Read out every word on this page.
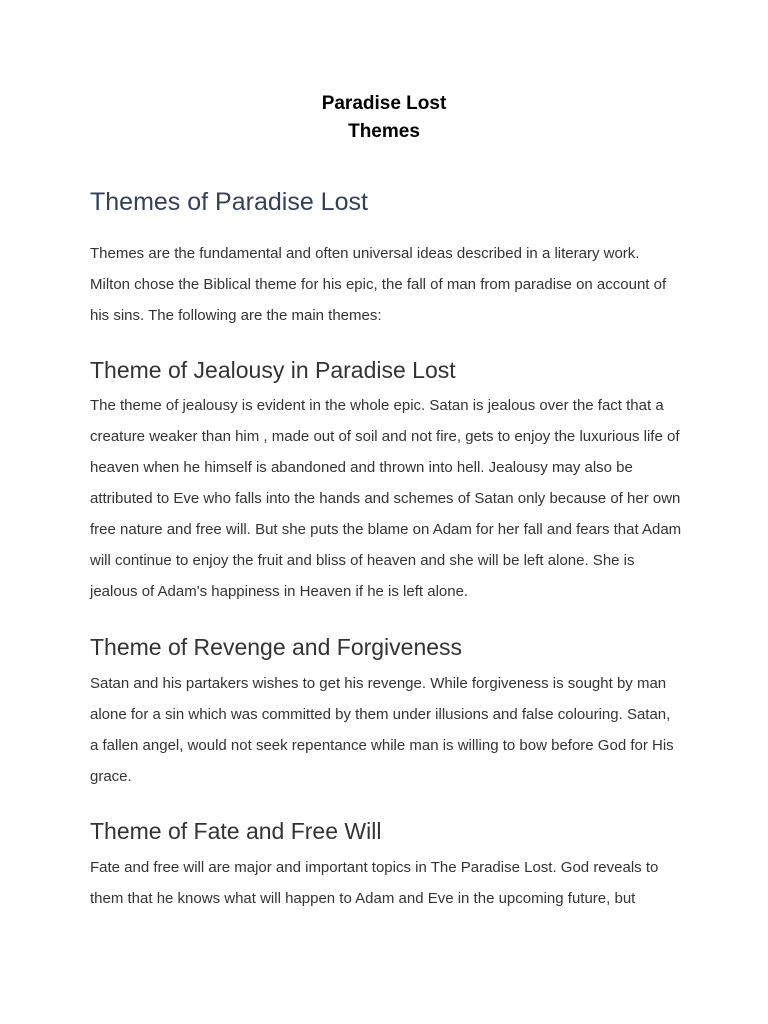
Paradise Lost
Themes
Themes of Paradise Lost

Themes are the fundamental and often universal ideas described in a literary work. Milton chose the Biblical theme for his epic, the fall of man from paradise on account of his sins. The following are the main themes:

Theme of Jealousy in Paradise Lost

The theme of jealousy is evident in the whole epic. Satan is jealous over the fact that a creature weaker than him , made out of soil and not fire, gets to enjoy the luxurious life of heaven when he himself is abandoned and thrown into hell. Jealousy may also be attributed to Eve who falls into the hands and schemes of Satan only because of her own free nature and free will. But she puts the blame on Adam for her fall and fears that Adam will continue to enjoy the fruit and bliss of heaven and she will be left alone. She is jealous of Adam's happiness in Heaven if he is left alone.

Theme of Revenge and Forgiveness

Satan and his partakers wishes to get his revenge. While forgiveness is sought by man alone for a sin which was committed by them under illusions and false colouring. Satan, a fallen angel, would not seek repentance while man is willing to bow before God for His grace.

Theme of Fate and Free Will

Fate and free will are major and important topics in The Paradise Lost. God reveals to them that he knows what will happen to Adam and Eve in the upcoming future, but
